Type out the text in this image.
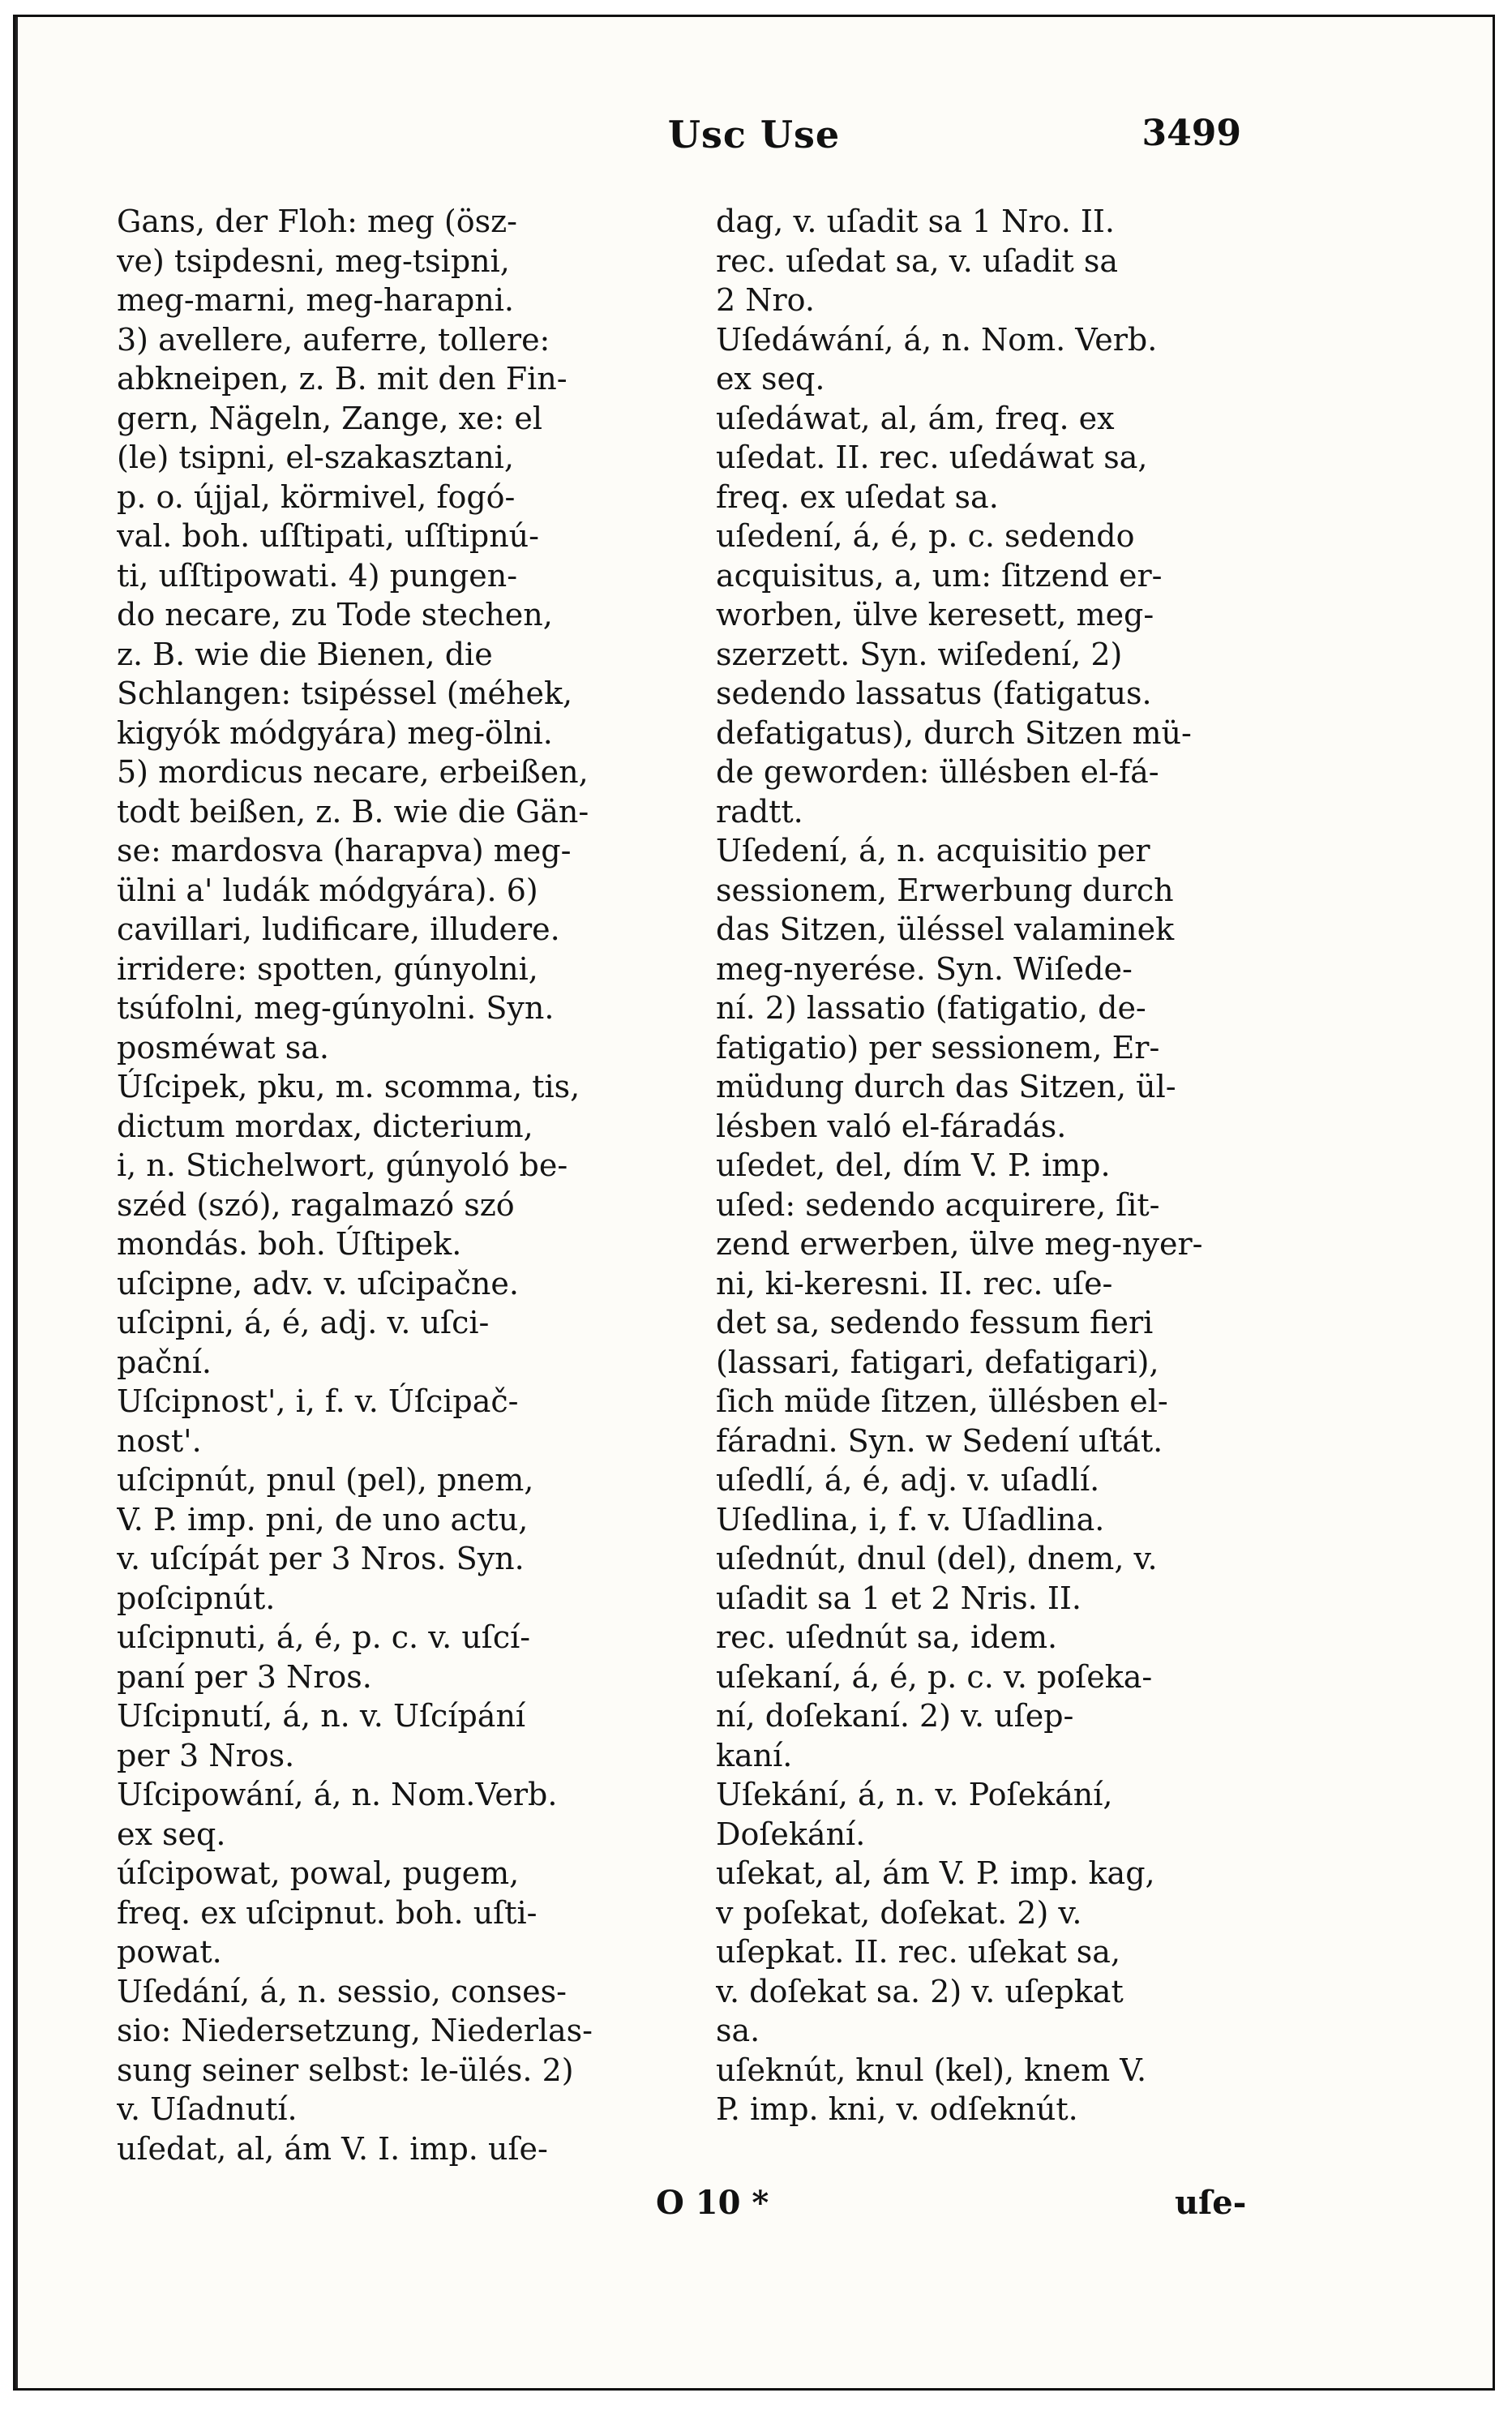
Usc Use	3499
Gans, der Floh: meg (ösz-
ve) tsipdesni, meg-tsipni,
meg-marni, meg-harapni.
3) avellere, auferre, tollere:
abkneipen, z. B. mit den Fin-
gern, Nägeln, Zange, xe: el
(le) tsipni, el-szakasztani,
p. o. újjal, körmivel, fogó-
val. boh. uſſtipati, uſſtipnú-
ti, uſſtipowati. 4) pungen-
do necare, zu Tode stechen,
z. B. wie die Bienen, die
Schlangen: tsipéssel (méhek,
kigyók módgyára) meg-ölni.
5) mordicus necare, erbeißen,
todt beißen, z. B. wie die Gän-
se: mardosva (harapva) meg-
ülni a' ludák módgyára). 6)
cavillari, ludificare, illudere.
irridere: spotten, gúnyolni,
tsúfolni, meg-gúnyolni. Syn.
posméwat sa.
Úſcipek, pku, m. scomma, tis,
dictum mordax, dicterium,
i, n. Stichelwort, gúnyoló be-
széd (szó), ragalmazó szó
mondás. boh. Úſtipek.
uſcipne, adv. v. uſcipačne.
uſcipni, á, é, adj. v. uſci-
pační.
Uſcipnost', i, f. v. Úſcipač-
nost'.
uſcipnút, pnul (pel), pnem,
V. P. imp. pni, de uno actu,
v. uſcípát per 3 Nros. Syn.
poſcipnút.
uſcipnuti, á, é, p. c. v. uſcí-
paní per 3 Nros.
Uſcipnutí, á, n. v. Uſcípání
per 3 Nros.
Uſcipowání, á, n. Nom.Verb.
ex seq.
úſcipowat, powal, pugem,
freq. ex uſcipnut. boh. uſti-
powat.
Uſedání, á, n. sessio, conses-
sio: Niedersetzung, Niederlas-
sung seiner selbst: le-ülés. 2)
v. Uſadnutí.
uſedat, al, ám V. I. imp. uſe-
dag, v. uſadit sa 1 Nro. II.
rec. uſedat sa, v. uſadit sa
2 Nro.
Uſedáwání, á, n. Nom. Verb.
ex seq.
uſedáwat, al, ám, freq. ex
uſedat. II. rec. uſedáwat sa,
freq. ex uſedat sa.
uſedení, á, é, p. c. sedendo
acquisitus, a, um: ſitzend er-
worben, ülve keresett, meg-
szerzett. Syn. wiſedení, 2)
sedendo lassatus (fatigatus.
defatigatus), durch Sitzen mü-
de geworden: üllésben el-fá-
radtt.
Uſedení, á, n. acquisitio per
sessionem, Erwerbung durch
das Sitzen, üléssel valaminek
meg-nyerése. Syn. Wiſede-
ní. 2) lassatio (fatigatio, de-
fatigatio) per sessionem, Er-
müdung durch das Sitzen, ül-
lésben való el-fáradás.
uſedet, del, dím V. P. imp.
uſed: sedendo acquirere, ſit-
zend erwerben, ülve meg-nyer-
ni, ki-keresni. II. rec. uſe-
det sa, sedendo fessum fieri
(lassari, fatigari, defatigari),
ſich müde ſitzen, üllésben el-
fáradni. Syn. w Sedení uſtát.
uſedlí, á, é, adj. v. uſadlí.
Uſedlina, i, f. v. Uſadlina.
uſednút, dnul (del), dnem, v.
uſadit sa 1 et 2 Nris. II.
rec. uſednút sa, idem.
uſekaní, á, é, p. c. v. poſeka-
ní, doſekaní. 2) v. uſep-
kaní.
Uſekání, á, n. v. Poſekání,
Doſekání.
uſekat, al, ám V. P. imp. kag,
v poſekat, doſekat. 2) v.
uſepkat. II. rec. uſekat sa,
v. doſekat sa. 2) v. uſepkat
sa.
uſeknút, knul (kel), knem V.
P. imp. kni, v. odſeknút.
O 10 *	uſe-
